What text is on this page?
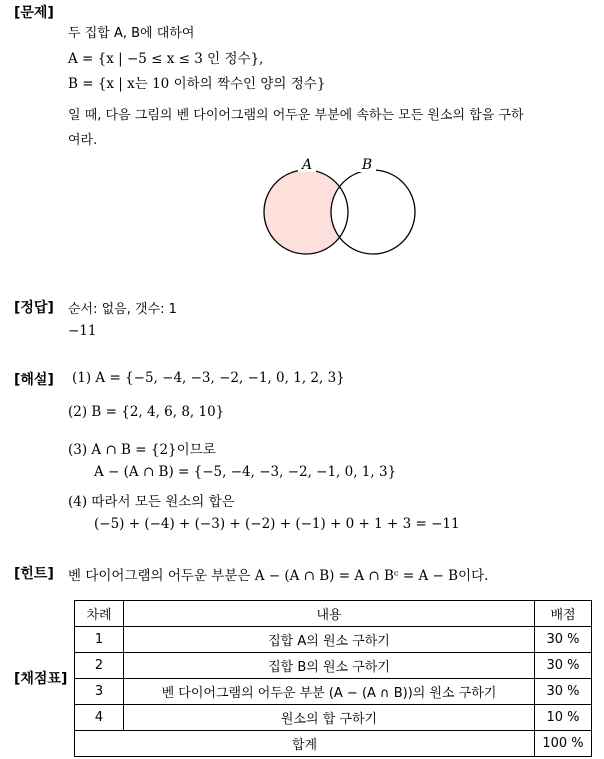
[문제]
두 집합 A, B에 대하여
A = {x | −5 ≤ x ≤ 3 인 정수},
B = {x | x는 10 이하의 짝수인 양의 정수}
일 때, 다음 그림의 벤 다이어그램의 어두운 부분에 속하는 모든 원소의 합을 구하
여라.
A	B
[정답] 순서: 없음, 갯수: 1
−11
[해설] (1) A = {−5, −4, −3, −2, −1, 0, 1, 2, 3}
(2) B = {2, 4, 6, 8, 10}
(3) A ∩ B = {2}이므로
A − (A ∩ B) = {−5, −4, −3, −2, −1, 0, 1, 3}
(4) 따라서 모든 원소의 합은
(−5) + (−4) + (−3) + (−2) + (−1) + 0 + 1 + 3 = −11
[힌트] 벤 다이어그램의 어두운 부분은 A − (A ∩ B) = A ∩ Bᶜ = A − B이다.
[채점표]
차례	내용	배점
1	집합 A의 원소 구하기	30 %
2	집합 B의 원소 구하기	30 %
3	벤 다이어그램의 어두운 부분 (A − (A ∩ B))의 원소 구하기	30 %
4	원소의 합 구하기	10 %
합계		100 %
